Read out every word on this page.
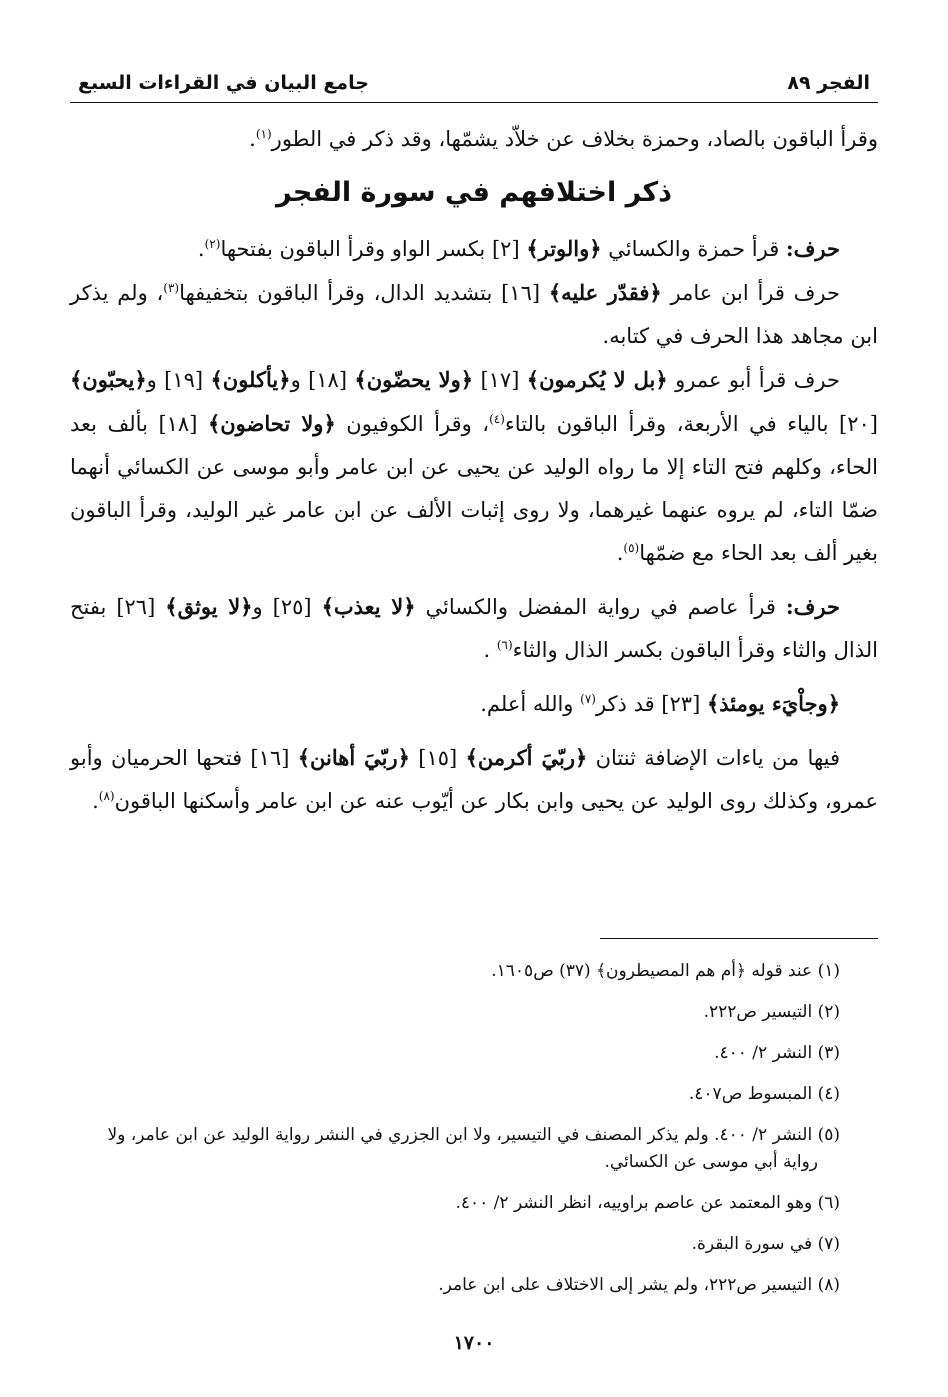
الفجر ٨٩
جامع البيان في القراءات السبع

وقرأ الباقون بالصاد، وحمزة بخلاف عن خلاّد يشمّها، وقد ذكر في الطور$^{(١)}$.

ذكر اختلافهم في سورة الفجر

حرف: قرأ حمزة والكسائي ﴿والوتر﴾ [٢] بكسر الواو وقرأ الباقون بفتحها$^{(٢)}$.

حرف قرأ ابن عامر ﴿فقدّر عليه﴾ [١٦] بتشديد الدال، وقرأ الباقون بتخفيفها$^{(٣)}$، ولم يذكر ابن مجاهد هذا الحرف في كتابه.

حرف قرأ أبو عمرو ﴿بل لا يُكرمون﴾ [١٧] ﴿ولا يحضّون﴾ [١٨] و﴿يأكلون﴾ [١٩] و﴿يحبّون﴾ [٢٠] بالياء في الأربعة، وقرأ الباقون بالتاء$^{(٤)}$، وقرأ الكوفيون ﴿ولا تحاضون﴾ [١٨] بألف بعد الحاء، وكلهم فتح التاء إلا ما رواه الوليد عن يحيى عن ابن عامر وأبو موسى عن الكسائي أنهما ضمّا التاء، لم يروه عنهما غيرهما، ولا روى إثبات الألف عن ابن عامر غير الوليد، وقرأ الباقون بغير ألف بعد الحاء مع ضمّها$^{(٥)}$.

حرف: قرأ عاصم في رواية المفضل والكسائي ﴿لا يعذب﴾ [٢٥] و﴿لا يوثق﴾ [٢٦] بفتح الذال والثاء وقرأ الباقون بكسر الذال والثاء$^{(٦)}$ .

﴿وجاْيَء يومئذ﴾ [٢٣] قد ذكر$^{(٧)}$ والله أعلم.

فيها من ياءات الإضافة ثنتان ﴿ربّيَ أكرمن﴾ [١٥] ﴿ربّيَ أهانن﴾ [١٦] فتحها الحرميان وأبو عمرو، وكذلك روى الوليد عن يحيى وابن بكار عن أيّوب عنه عن ابن عامر وأسكنها الباقون$^{(٨)}$.

(١) عند قوله ﴿أم هم المصيطرون﴾ (٣٧) ص١٦٠٥.

(٢) التيسير ص٢٢٢.

(٣) النشر ٢/ ٤٠٠.

(٤) المبسوط ص٤٠٧.

(٥) النشر ٢/ ٤٠٠. ولم يذكر المصنف في التيسير، ولا ابن الجزري في النشر رواية الوليد عن ابن عامر، ولا رواية أبي موسى عن الكسائي.

(٦) وهو المعتمد عن عاصم براوييه، انظر النشر ٢/ ٤٠٠.

(٧) في سورة البقرة.

(٨) التيسير ص٢٢٢، ولم يشر إلى الاختلاف على ابن عامر.

١٧٠٠
